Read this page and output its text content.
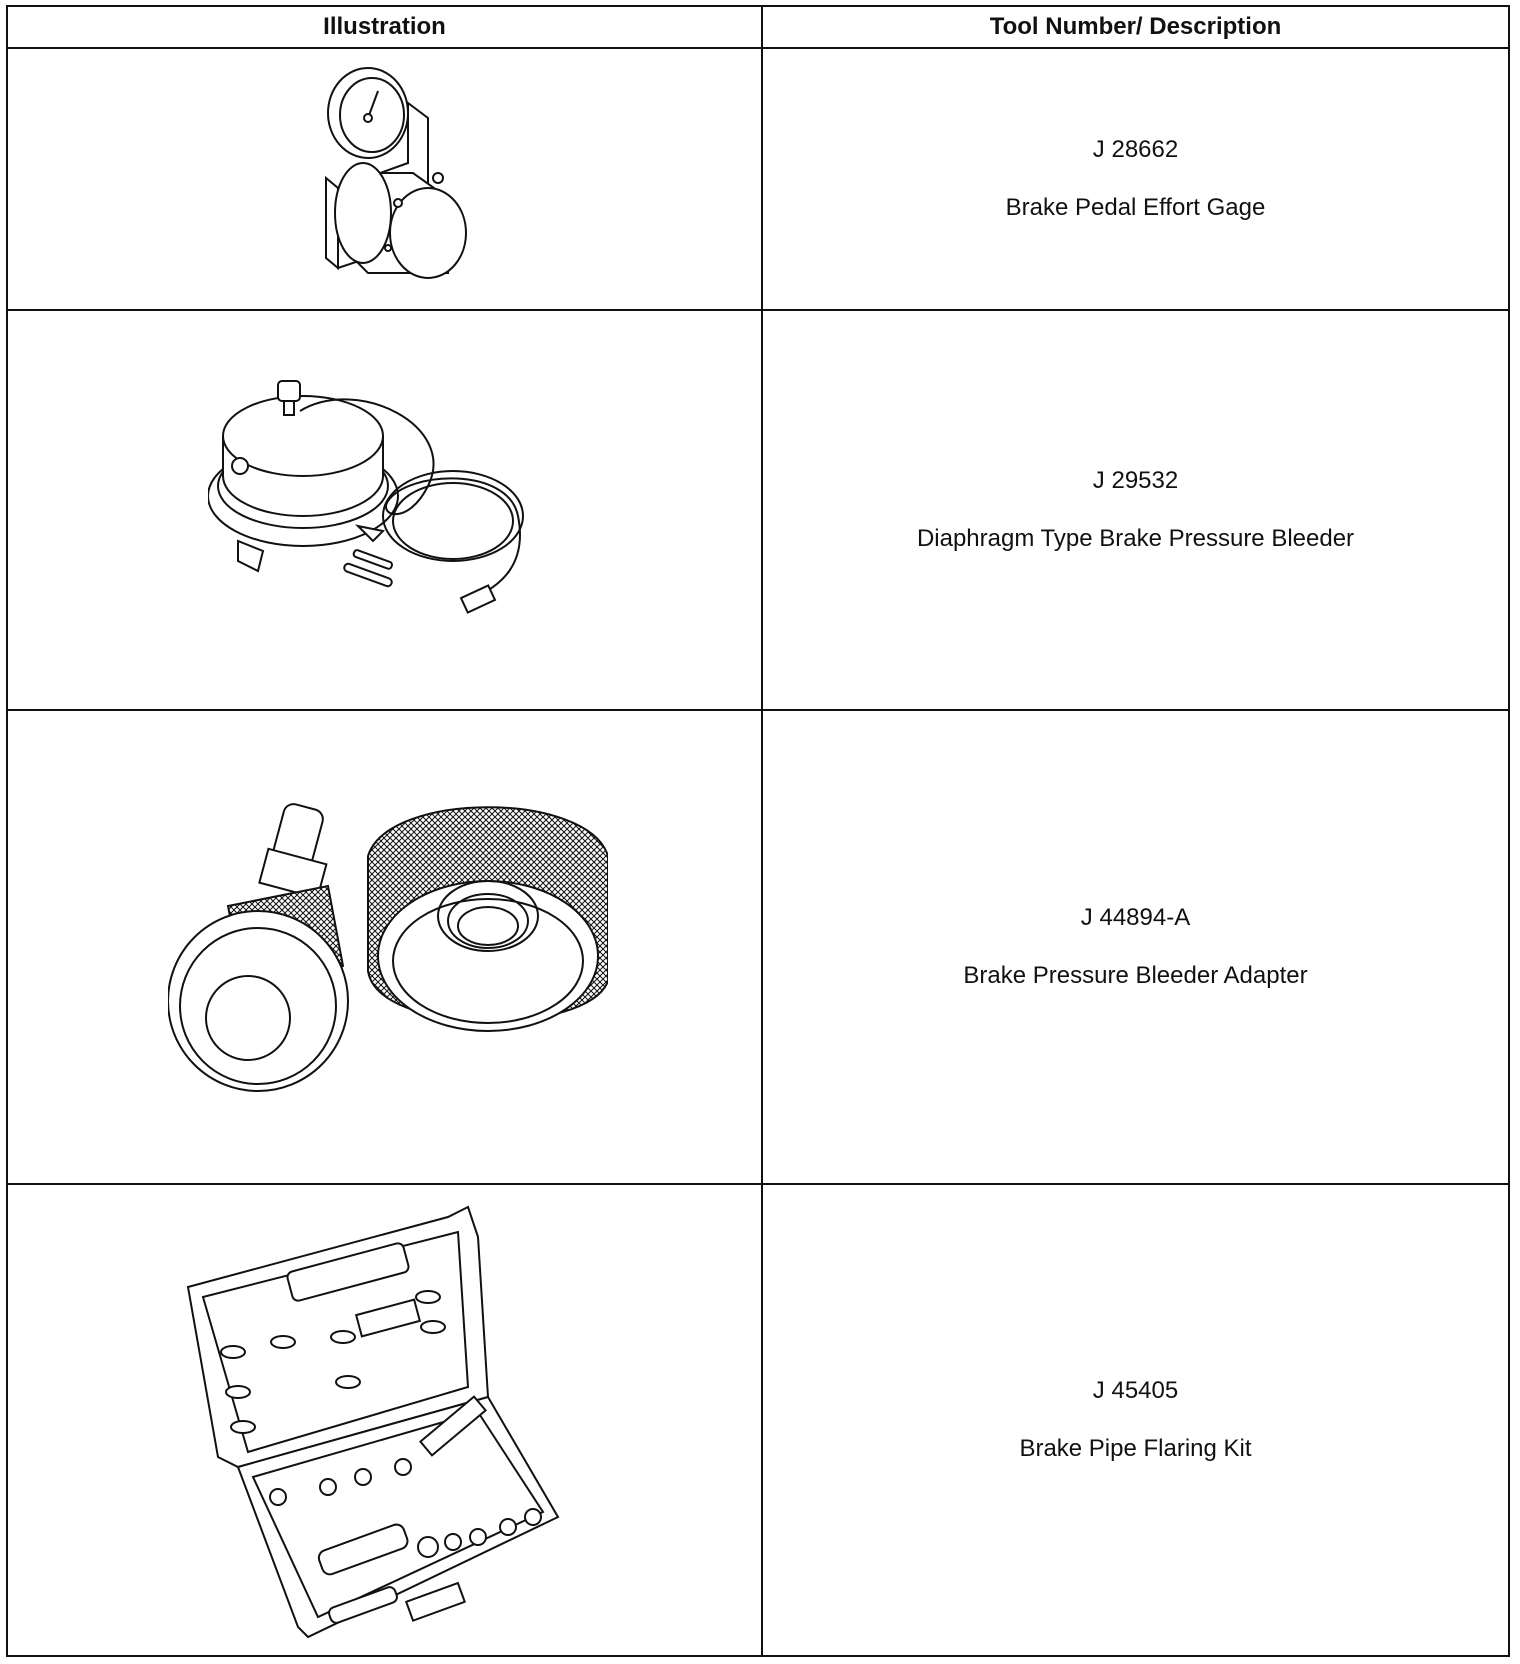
Illustration	Tool Number/ Description
J 28662
Brake Pedal Effort Gage
J 29532
Diaphragm Type Brake Pressure Bleeder
J 44894-A
Brake Pressure Bleeder Adapter
J 45405
Brake Pipe Flaring Kit
